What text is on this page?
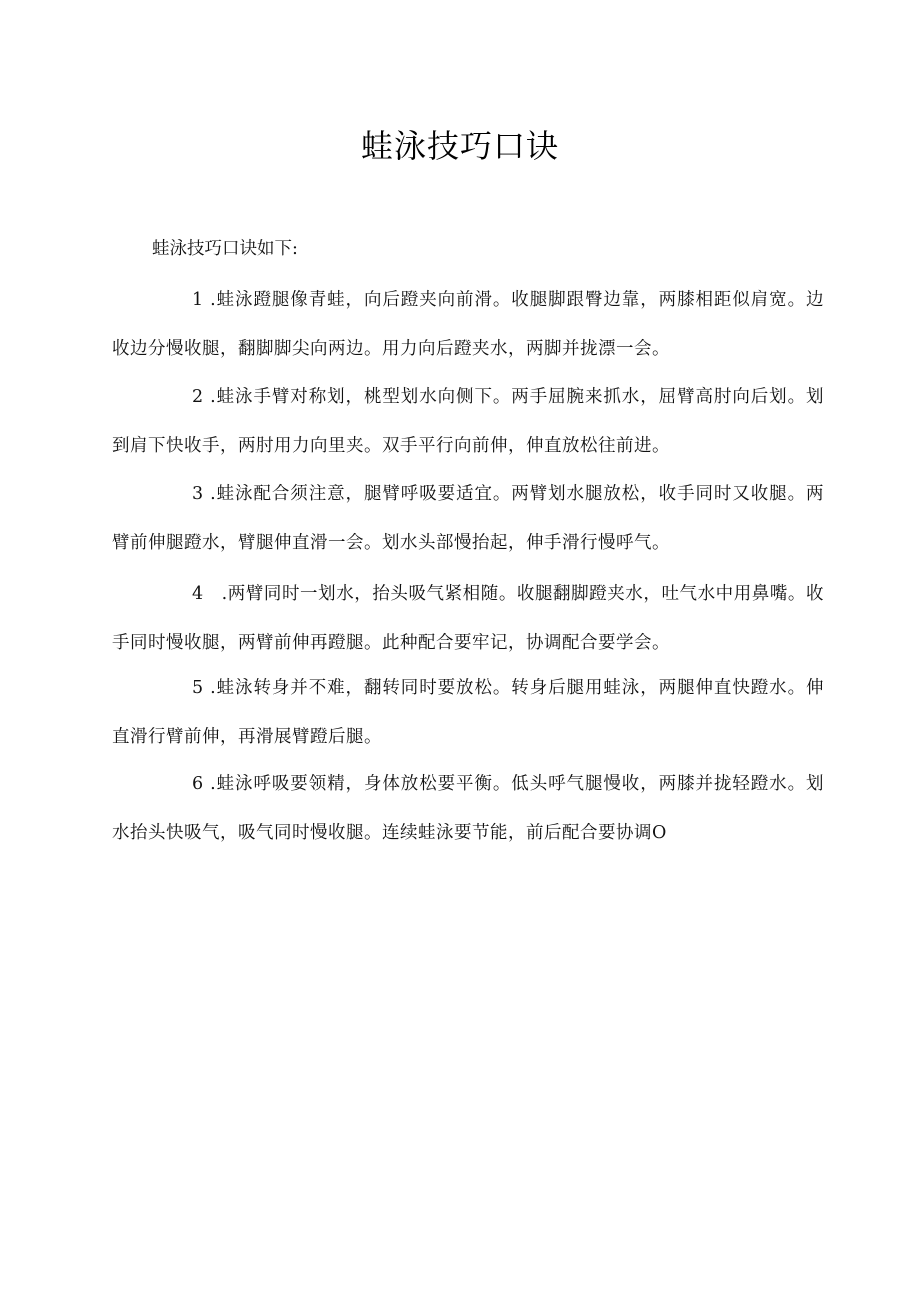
蛙泳技巧口诀
蛙泳技巧口诀如下:

1 .蛙泳蹬腿像青蛙，向后蹬夹向前滑。收腿脚跟臀边靠，两膝相距似肩宽。边收边分慢收腿，翻脚脚尖向两边。用力向后蹬夹水，两脚并拢漂一会。

2 .蛙泳手臂对称划，桃型划水向侧下。两手屈腕来抓水，屈臂高肘向后划。划到肩下快收手，两肘用力向里夹。双手平行向前伸，伸直放松往前进。

3 .蛙泳配合须注意，腿臂呼吸要适宜。两臂划水腿放松，收手同时又收腿。两臂前伸腿蹬水，臂腿伸直滑一会。划水头部慢抬起，伸手滑行慢呼气。

4 .两臂同时一划水，抬头吸气紧相随。收腿翻脚蹬夹水，吐气水中用鼻嘴。收手同时慢收腿，两臂前伸再蹬腿。此种配合要牢记，协调配合要学会。

5 .蛙泳转身并不难，翻转同时要放松。转身后腿用蛙泳，两腿伸直快蹬水。伸直滑行臂前伸，再滑展臂蹬后腿。

6 .蛙泳呼吸要领精，身体放松要平衡。低头呼气腿慢收，两膝并拢轻蹬水。划水抬头快吸气，吸气同时慢收腿。连续蛙泳要节能，前后配合要协调O
